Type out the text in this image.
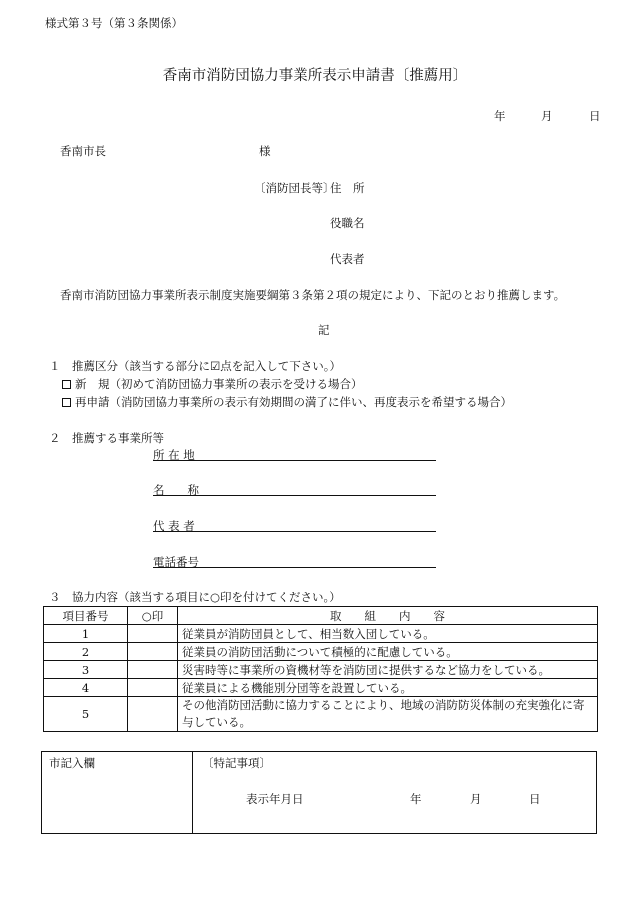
様式第３号（第３条関係）
香南市消防団協力事業所表示申請書〔推薦用〕
年	月	日
香南市長	様
〔消防団長等〕
住　所
役職名
代表者
香南市消防団協力事業所表示制度実施要綱第３条第２項の規定により、下記のとおり推薦します。
記
１　推薦区分（該当する部分に☑点を記入して下さい。）
新　規（初めて消防団協力事業所の表示を受ける場合）
再申請（消防団協力事業所の表示有効期間の満了に伴い、再度表示を希望する場合）
２　推薦する事業所等
所 在 地
名　　称
代 表 者
電話番号
３　協力内容（該当する項目に○印を付けてください。）
項目番号	○印	取　　組　　内　　容
1		従業員が消防団員として、相当数入団している。
2		従業員の消防団活動について積極的に配慮している。
3		災害時等に事業所の資機材等を消防団に提供するなど協力をしている。
4		従業員による機能別分団等を設置している。
5		その他消防団活動に協力することにより、地域の消防防災体制の充実強化に寄与している。
市記入欄	〔特記事項〕
表示年月日	年	月	日
